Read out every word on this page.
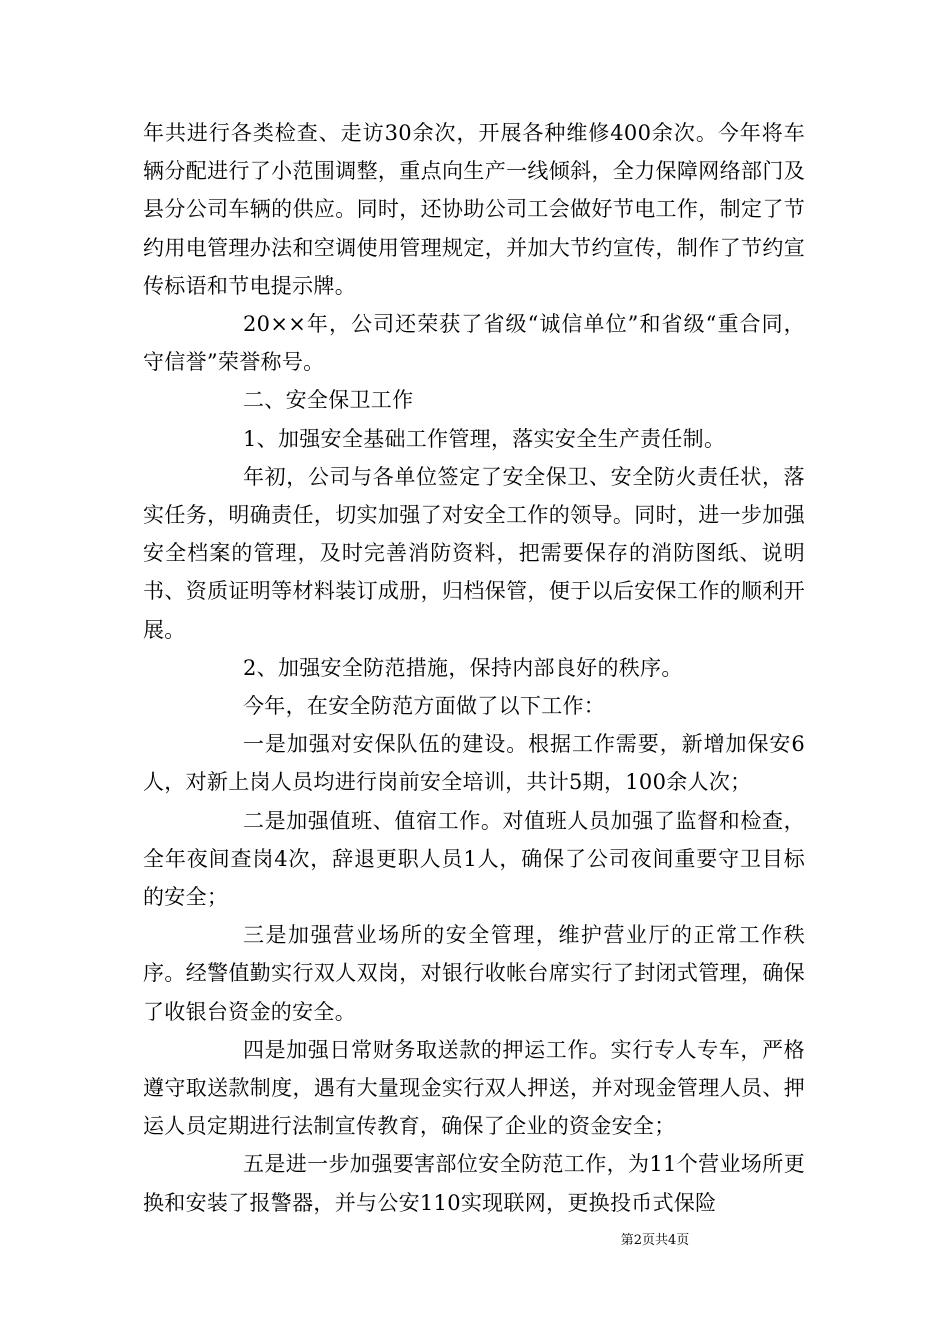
年共进行各类检查、走访30余次，开展各种维修400余次。今年将车辆分配进行了小范围调整，重点向生产一线倾斜，全力保障网络部门及县分公司车辆的供应。同时，还协助公司工会做好节电工作，制定了节约用电管理办法和空调使用管理规定，并加大节约宣传，制作了节约宣传标语和节电提示牌。

20××年，公司还荣获了省级“诚信单位”和省级“重合同，守信誉”荣誉称号。

二、安全保卫工作

1、加强安全基础工作管理，落实安全生产责任制。

年初，公司与各单位签定了安全保卫、安全防火责任状，落实任务，明确责任，切实加强了对安全工作的领导。同时，进一步加强安全档案的管理，及时完善消防资料，把需要保存的消防图纸、说明书、资质证明等材料装订成册，归档保管，便于以后安保工作的顺利开展。

2、加强安全防范措施，保持内部良好的秩序。

今年，在安全防范方面做了以下工作：

一是加强对安保队伍的建设。根据工作需要，新增加保安6人，对新上岗人员均进行岗前安全培训，共计5期，100余人次；

二是加强值班、值宿工作。对值班人员加强了监督和检查，全年夜间查岗4次，辞退更职人员1人，确保了公司夜间重要守卫目标的安全；

三是加强营业场所的安全管理，维护营业厅的正常工作秩序。经警值勤实行双人双岗，对银行收帐台席实行了封闭式管理，确保了收银台资金的安全。

四是加强日常财务取送款的押运工作。实行专人专车，严格遵守取送款制度，遇有大量现金实行双人押送，并对现金管理人员、押运人员定期进行法制宣传教育，确保了企业的资金安全；

五是进一步加强要害部位安全防范工作，为11个营业场所更换和安装了报警器，并与公安110实现联网，更换投币式保险

第2页共4页
